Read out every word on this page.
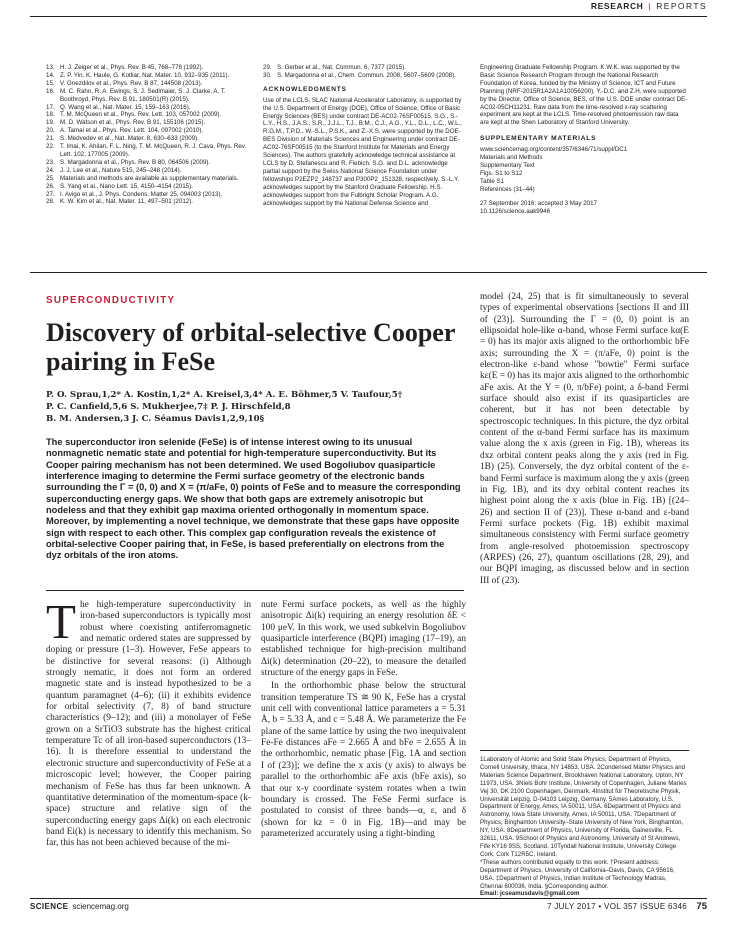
RESEARCH | REPORTS
13. H. J. Zeiger et al., Phys. Rev. B 45, 768–778 (1992).
14. Z. P. Yin, K. Haule, G. Kotliar, Nat. Mater. 10, 932–935 (2011).
15. V. Gnezdilov et al., Phys. Rev. B 87, 144508 (2013).
16. M. C. Rahn, R. A. Ewings, S. J. Sedlmaier, S. J. Clarke, A. T. Boothroyd, Phys. Rev. B 91, 180501(R) (2015).
17. Q. Wang et al., Nat. Mater. 15, 159–163 (2016).
18. T. M. McQueen et al., Phys. Rev. Lett. 103, 057002 (2009).
19. M. D. Watson et al., Phys. Rev. B 91, 155106 (2015).
20. A. Tamai et al., Phys. Rev. Lett. 104, 097002 (2010).
21. S. Medvedev et al., Nat. Mater. 8, 630–633 (2009).
22. T. Imai, K. Ahilan, F. L. Ning, T. M. McQueen, R. J. Cava, Phys. Rev. Lett. 102, 177005 (2009).
23. S. Margadonna et al., Phys. Rev. B 80, 064506 (2009).
24. J. J. Lee et al., Nature 515, 245–248 (2014).
25. Materials and methods are available as supplementary materials.
26. S. Yang et al., Nano Lett. 15, 4150–4154 (2015).
27. I. Avigo et al., J. Phys. Condens. Matter 25, 094003 (2013).
28. K. W. Kim et al., Nat. Mater. 11, 497–501 (2012).
29. S. Gerber et al., Nat. Commun. 6, 7377 (2015).
30. S. Margadonna et al., Chem. Commun. 2008, 5607–5609 (2008).
ACKNOWLEDGMENTS

Use of the LCLS, SLAC National Accelerator Laboratory, is supported by the U.S. Department of Energy (DOE), Office of Science, Office of Basic Energy Sciences (BES) under contract DE-AC02-76SF00515. S.G., S.-L.Y., H.S., J.A.S., S.R., J.J.L., T.J., B.M., C.J., A.G., Y.L., D.L., L.C., W.L., R.G.M., T.P.D., W.-S.L., P.S.K., and Z.-X.S. were supported by the DOE-BES Division of Materials Sciences and Engineering under contract DE-AC02-76SF00515 (to the Stanford Institute for Materials and Energy Sciences). The authors gratefully acknowledge technical assistance at LCLS by D. Stefanescu and R. Fiebich. S.G. and D.L. acknowledge partial support by the Swiss National Science Foundation under fellowships P2EZP2_148737 and P300P2_151328, respectively. S.-L.Y. acknowledges support by the Stanford Graduate Fellowship. H.S. acknowledges support from the Fulbright Scholar Program. A.G. acknowledges support by the National Defense Science and

Engineering Graduate Fellowship Program. K.W.K. was supported by the Basic Science Research Program through the National Research Foundation of Korea, funded by the Ministry of Science, ICT and Future Planning (NRF-2015R1A2A1A10056200). Y.-D.C. and Z.H. were supported by the Director, Office of Science, BES, of the U.S. DOE under contract DE-AC02-05CH11231. Raw data from the time-resolved x-ray scattering experiment are kept at the LCLS. Time-resolved photoemission raw data are kept at the Shen Laboratory of Stanford University.

SUPPLEMENTARY MATERIALS
www.sciencemag.org/content/357/6346/71/suppl/DC1
Materials and Methods
Supplementary Text
Figs. S1 to S12
Table S1
References (31–44)

27 September 2016; accepted 3 May 2017

10.1126/science.aak9946

SUPERCONDUCTIVITY
Discovery of orbital-selective Cooper pairing in FeSe
P. O. Sprau,1,2* A. Kostin,1,2* A. Kreisel,3,4* A. E. Böhmer,5 V. Taufour,5†
P. C. Canfield,5,6 S. Mukherjee,7‡ P. J. Hirschfeld,8
B. M. Andersen,3 J. C. Séamus Davis1,2,9,10§

The superconductor iron selenide (FeSe) is of intense interest owing to its unusual nonmagnetic nematic state and potential for high-temperature superconductivity. But its Cooper pairing mechanism has not been determined. We used Bogoliubov quasiparticle interference imaging to determine the Fermi surface geometry of the electronic bands surrounding the Γ = (0, 0) and X = (π/aFe, 0) points of FeSe and to measure the corresponding superconducting energy gaps. We show that both gaps are extremely anisotropic but nodeless and that they exhibit gap maxima oriented orthogonally in momentum space. Moreover, by implementing a novel technique, we demonstrate that these gaps have opposite sign with respect to each other. This complex gap configuration reveals the existence of orbital-selective Cooper pairing that, in FeSe, is based preferentially on electrons from the dyz orbitals of the iron atoms.

The high-temperature superconductivity in iron-based superconductors is typically most robust where coexisting antiferromagnetic and nematic ordered states are suppressed by doping or pressure (1–3). However, FeSe appears to be distinctive for several reasons: (i) Although strongly nematic, it does not form an ordered magnetic state and is instead hypothesized to be a quantum paramagnet (4–6); (ii) it exhibits evidence for orbital selectivity (7, 8) of band structure characteristics (9–12); and (iii) a monolayer of FeSe grown on a SrTiO3 substrate has the highest critical temperature Tc of all iron-based superconductors (13–16). It is therefore essential to understand the electronic structure and superconductivity of FeSe at a microscopic level; however, the Cooper pairing mechanism of FeSe has thus far been unknown. A quantitative determination of the momentum-space (k-space) structure and relative sign of the superconducting energy gaps Δi(k) on each electronic band Ei(k) is necessary to identify this mechanism. So far, this has not been achieved because of the mi-

nute Fermi surface pockets, as well as the highly anisotropic Δi(k) requiring an energy resolution δE < 100 μeV. In this work, we used subkelvin Bogoliubov quasiparticle interference (BQPI) imaging (17–19), an established technique for high-precision multiband Δi(k) determination (20–22), to measure the detailed structure of the energy gaps in FeSe.

In the orthorhombic phase below the structural transition temperature TS ≅ 90 K, FeSe has a crystal unit cell with conventional lattice parameters a = 5.31 Å, b = 5.33 Å, and c = 5.48 Å. We parameterize the Fe plane of the same lattice by using the two inequivalent Fe-Fe distances aFe = 2.665 Å and bFe = 2.655 Å in the orthorhombic, nematic phase [Fig. 1A and section I of (23)]; we define the x axis (y axis) to always be parallel to the orthorhombic aFe axis (bFe axis), so that our x-y coordinate system rotates when a twin boundary is crossed. The FeSe Fermi surface is postulated to consist of three bands—α, ε, and δ (shown for kz = 0 in Fig. 1B)—and may be parameterized accurately using a tight-binding

model (24, 25) that is fit simultaneously to several types of experimental observations [sections II and III of (23)]. Surrounding the Γ = (0, 0) point is an ellipsoidal hole-like α-band, whose Fermi surface kα(E = 0) has its major axis aligned to the orthorhombic bFe axis; surrounding the X = (π/aFe, 0) point is the electron-like ε-band whose "bowtie" Fermi surface kε(E = 0) has its major axis aligned to the orthorhombic aFe axis. At the Y = (0, π/bFe) point, a δ-band Fermi surface should also exist if its quasiparticles are coherent, but it has not been detectable by spectroscopic techniques. In this picture, the dyz orbital content of the α-band Fermi surface has its maximum value along the x axis (green in Fig. 1B), whereas its dxz orbital content peaks along the y axis (red in Fig. 1B) (25). Conversely, the dyz orbital content of the ε-band Fermi surface is maximum along the y axis (green in Fig. 1B), and its dxy orbital content reaches its highest point along the x axis (blue in Fig. 1B) [(24–26) and section II of (23)]. These α-band and ε-band Fermi surface pockets (Fig. 1B) exhibit maximal simultaneous consistency with Fermi surface geometry from angle-resolved photoemission spectroscopy (ARPES) (26, 27), quantum oscillations (28, 29), and our BQPI imaging, as discussed below and in section III of (23).

1Laboratory of Atomic and Solid State Physics, Department of Physics, Cornell University, Ithaca, NY 14853, USA. 2Condensed Matter Physics and Materials Science Department, Brookhaven National Laboratory, Upton, NY 11973, USA. 3Niels Bohr Institute, University of Copenhagen, Juliane Maries Vej 30, DK 2100 Copenhagen, Denmark. 4Institut für Theoretische Physik, Universität Leipzig, D-04103 Leipzig, Germany. 5Ames Laboratory, U.S. Department of Energy, Ames, IA 50011, USA. 6Department of Physics and Astronomy, Iowa State University, Ames, IA 50011, USA. 7Department of Physics, Binghamton University–State University of New York, Binghamton, NY, USA. 8Department of Physics, University of Florida, Gainesville, FL 32611, USA. 9School of Physics and Astronomy, University of St Andrews, Fife KY16 9SS, Scotland. 10Tyndall National Institute, University College Cork, Cork T12R5C, Ireland.

*These authors contributed equally to this work. †Present address: Department of Physics, University of California–Davis, Davis, CA 95616, USA. ‡Department of Physics, Indian Institute of Technology Madras, Chennai 600036, India. §Corresponding author.

Email: jcseamusdavis@gmail.com

SCIENCE sciencemag.org	7 JULY 2017 • VOL 357 ISSUE 6346 75
